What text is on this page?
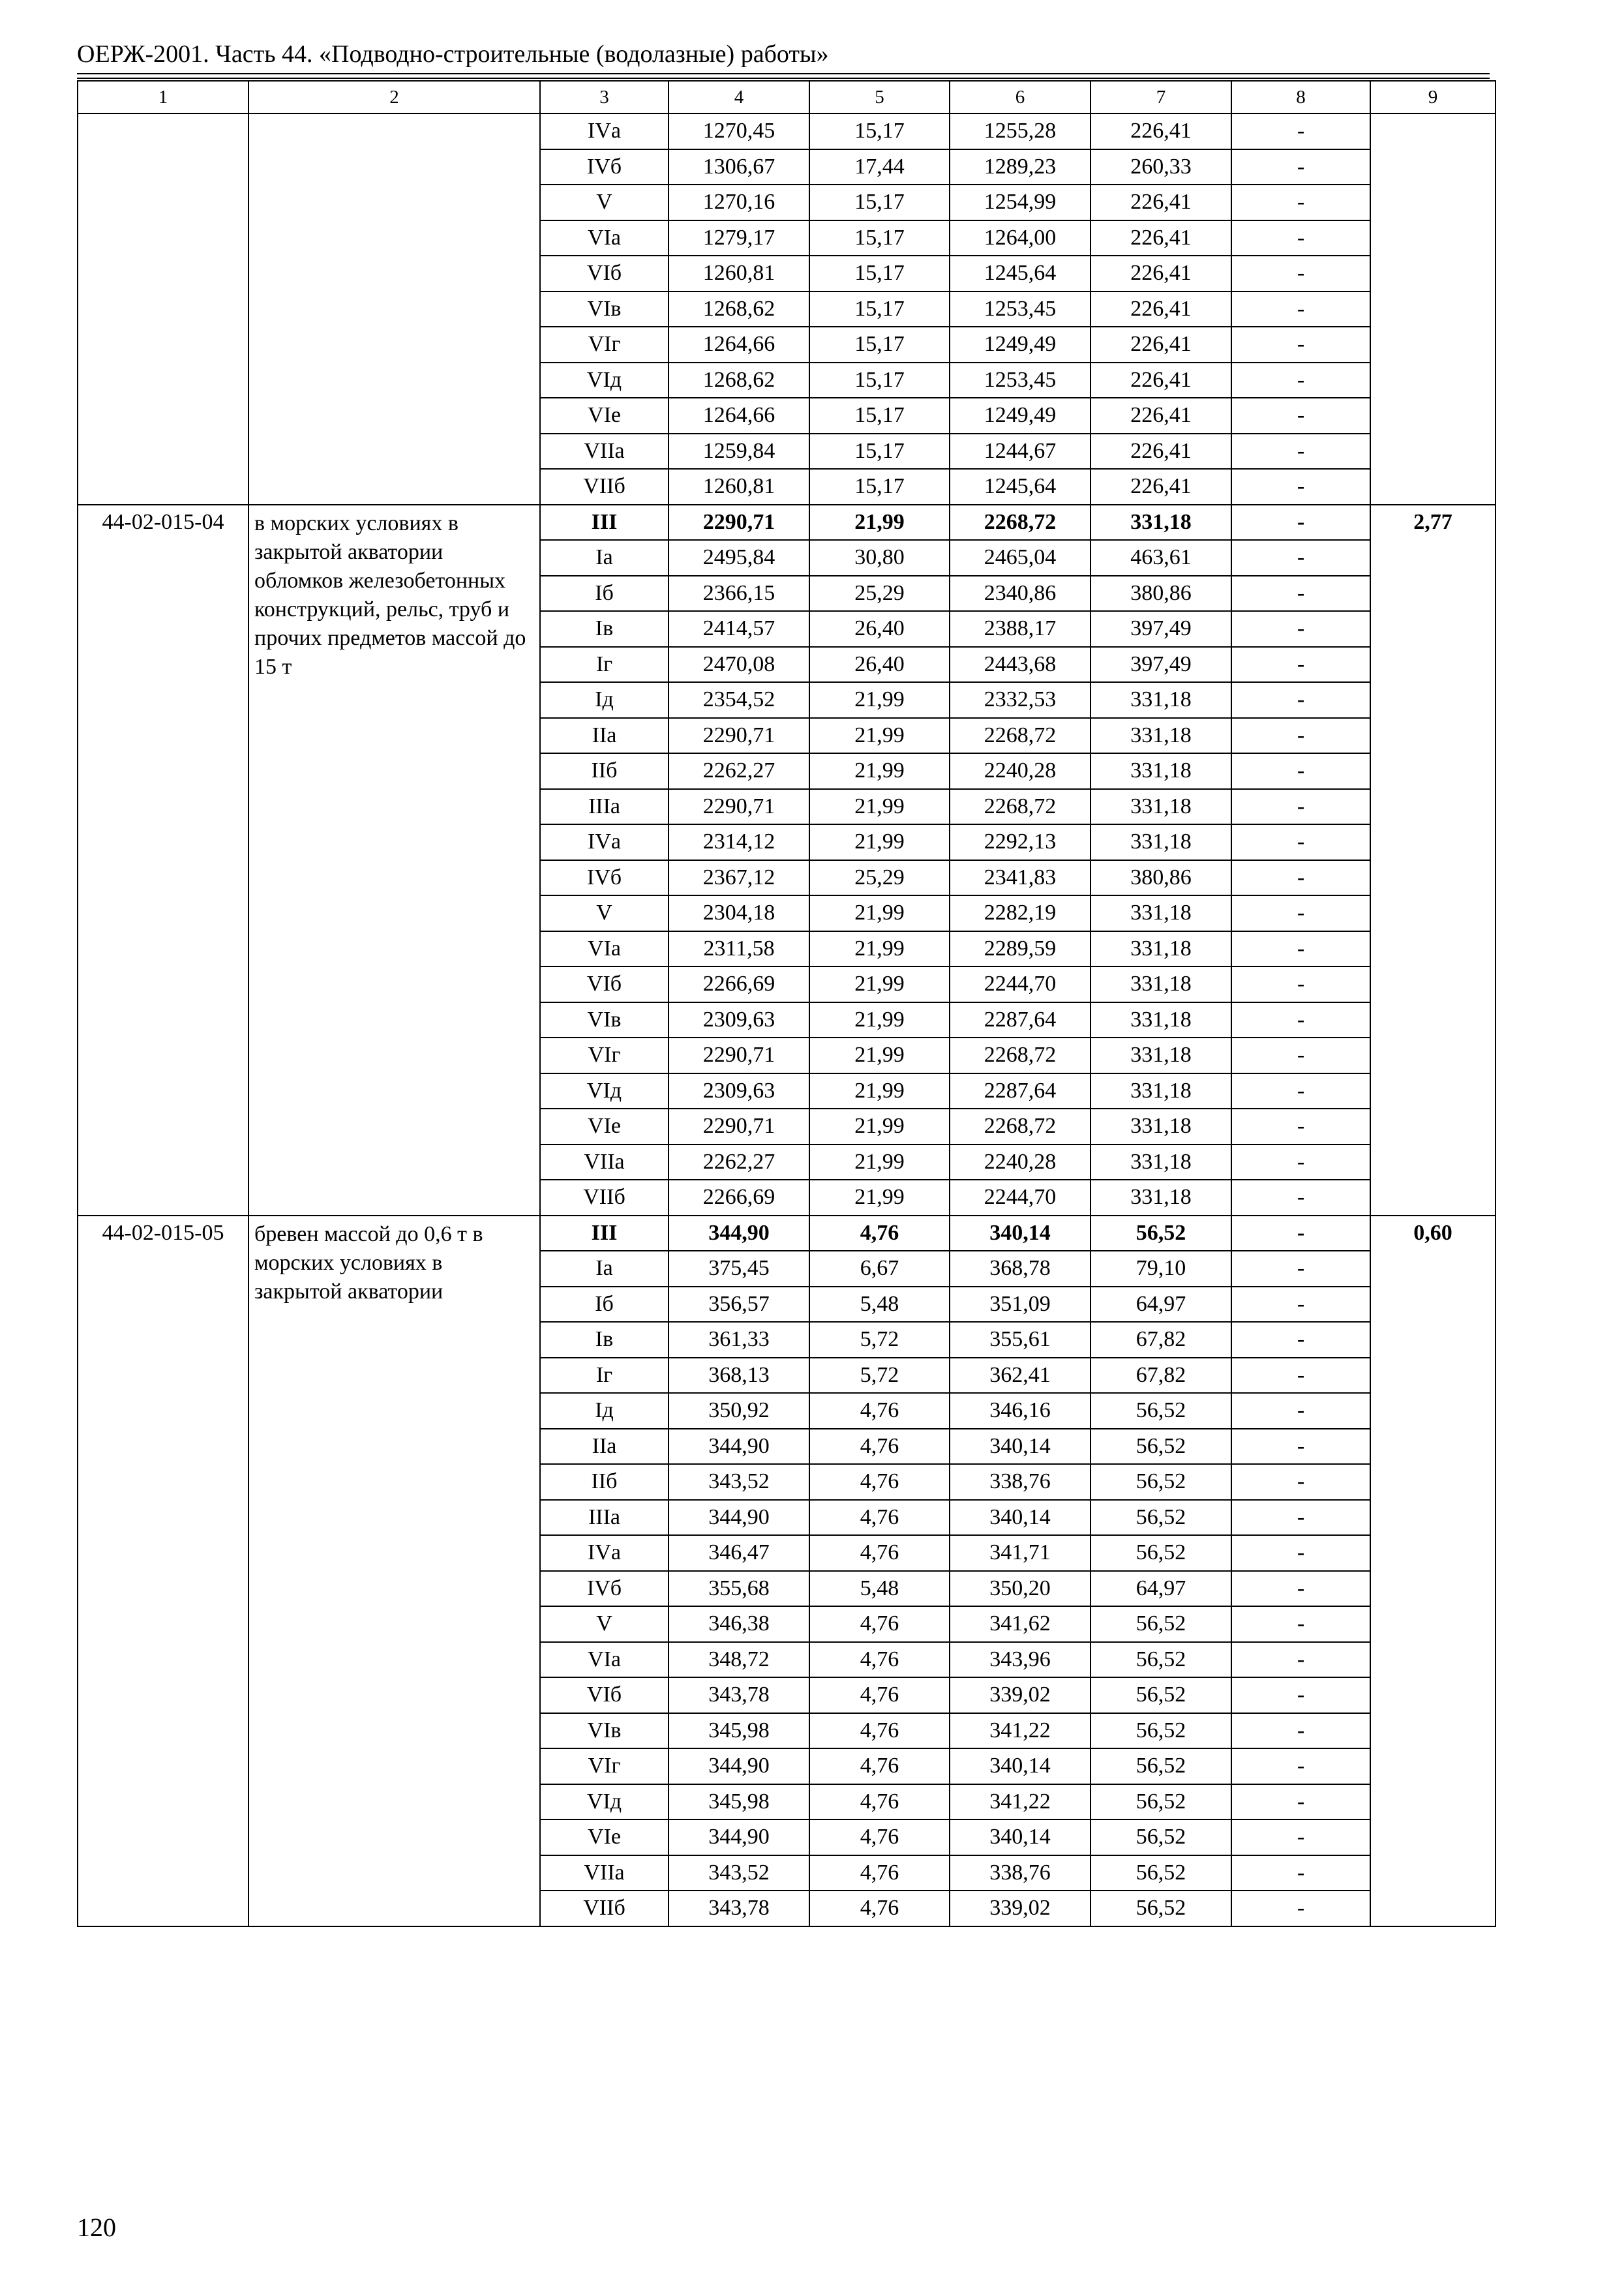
ОЕРЖ-2001. Часть 44. «Подводно-строительные (водолазные) работы»
1	2	3	4	5	6	7	8	9
		IVа	1270,45	15,17	1255,28	226,41	-	
		IVб	1306,67	17,44	1289,23	260,33	-	
		V	1270,16	15,17	1254,99	226,41	-	
		VIа	1279,17	15,17	1264,00	226,41	-	
		VIб	1260,81	15,17	1245,64	226,41	-	
		VIв	1268,62	15,17	1253,45	226,41	-	
		VIг	1264,66	15,17	1249,49	226,41	-	
		VIд	1268,62	15,17	1253,45	226,41	-	
		VIе	1264,66	15,17	1249,49	226,41	-	
		VIIа	1259,84	15,17	1244,67	226,41	-	
		VIIб	1260,81	15,17	1245,64	226,41	-	
44-02-015-04	в морских условиях в закрытой акватории обломков железобетонных конструкций, рельс, труб и прочих предметов массой до 15 т	III	2290,71	21,99	2268,72	331,18	-	2,77
		Iа	2495,84	30,80	2465,04	463,61	-	
		Iб	2366,15	25,29	2340,86	380,86	-	
		Iв	2414,57	26,40	2388,17	397,49	-	
		Iг	2470,08	26,40	2443,68	397,49	-	
		Iд	2354,52	21,99	2332,53	331,18	-	
		IIа	2290,71	21,99	2268,72	331,18	-	
		IIб	2262,27	21,99	2240,28	331,18	-	
		IIIа	2290,71	21,99	2268,72	331,18	-	
		IVа	2314,12	21,99	2292,13	331,18	-	
		IVб	2367,12	25,29	2341,83	380,86	-	
		V	2304,18	21,99	2282,19	331,18	-	
		VIа	2311,58	21,99	2289,59	331,18	-	
		VIб	2266,69	21,99	2244,70	331,18	-	
		VIв	2309,63	21,99	2287,64	331,18	-	
		VIг	2290,71	21,99	2268,72	331,18	-	
		VIд	2309,63	21,99	2287,64	331,18	-	
		VIе	2290,71	21,99	2268,72	331,18	-	
		VIIа	2262,27	21,99	2240,28	331,18	-	
		VIIб	2266,69	21,99	2244,70	331,18	-	
44-02-015-05	бревен массой до 0,6 т в морских условиях в закрытой акватории	III	344,90	4,76	340,14	56,52	-	0,60
		Iа	375,45	6,67	368,78	79,10	-	
		Iб	356,57	5,48	351,09	64,97	-	
		Iв	361,33	5,72	355,61	67,82	-	
		Iг	368,13	5,72	362,41	67,82	-	
		Iд	350,92	4,76	346,16	56,52	-	
		IIа	344,90	4,76	340,14	56,52	-	
		IIб	343,52	4,76	338,76	56,52	-	
		IIIа	344,90	4,76	340,14	56,52	-	
		IVа	346,47	4,76	341,71	56,52	-	
		IVб	355,68	5,48	350,20	64,97	-	
		V	346,38	4,76	341,62	56,52	-	
		VIа	348,72	4,76	343,96	56,52	-	
		VIб	343,78	4,76	339,02	56,52	-	
		VIв	345,98	4,76	341,22	56,52	-	
		VIг	344,90	4,76	340,14	56,52	-	
		VIд	345,98	4,76	341,22	56,52	-	
		VIе	344,90	4,76	340,14	56,52	-	
		VIIа	343,52	4,76	338,76	56,52	-	
		VIIб	343,78	4,76	339,02	56,52	-	
120
